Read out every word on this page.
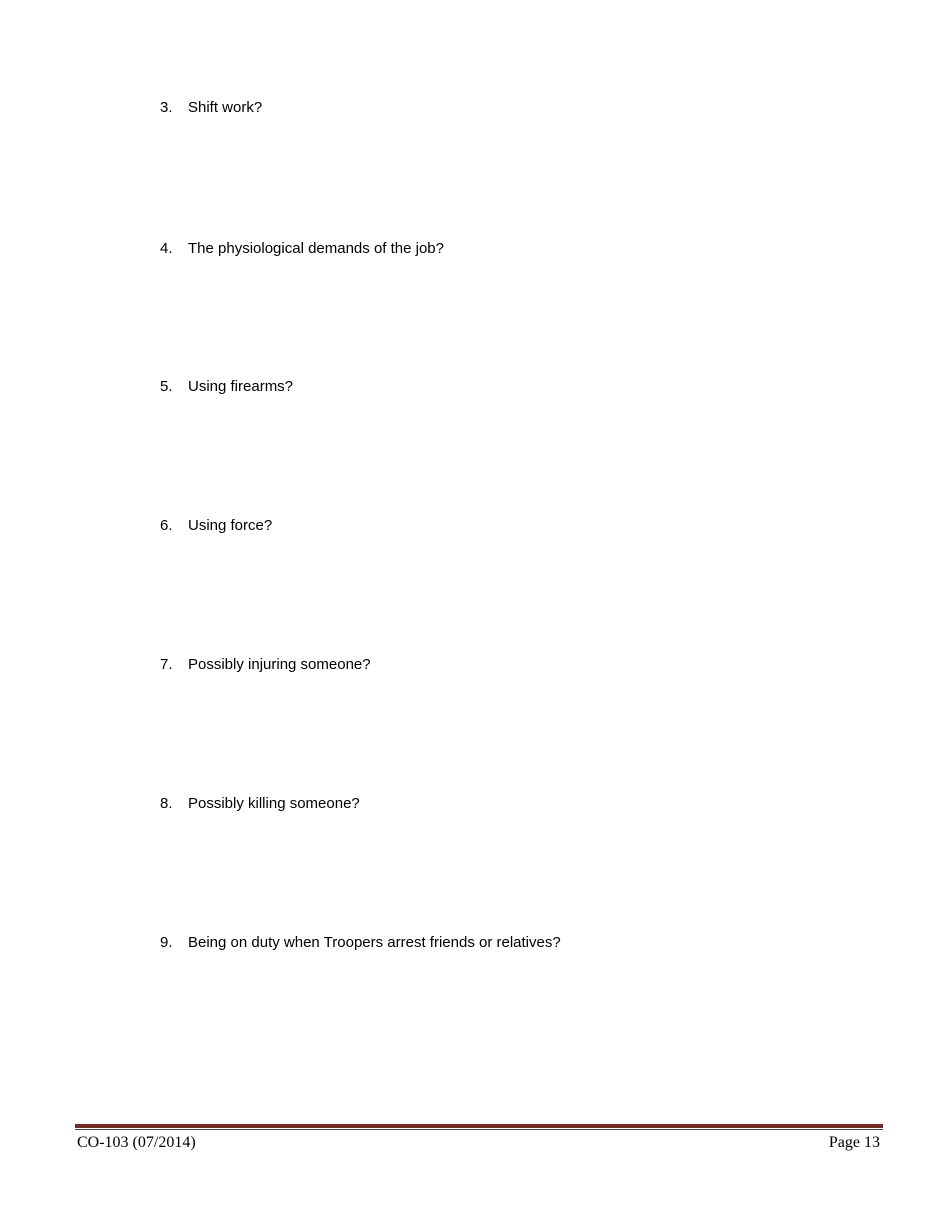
3. Shift work?
4. The physiological demands of the job?
5. Using firearms?
6. Using force?
7. Possibly injuring someone?
8. Possibly killing someone?
9. Being on duty when Troopers arrest friends or relatives?
CO-103 (07/2014)	Page 13
